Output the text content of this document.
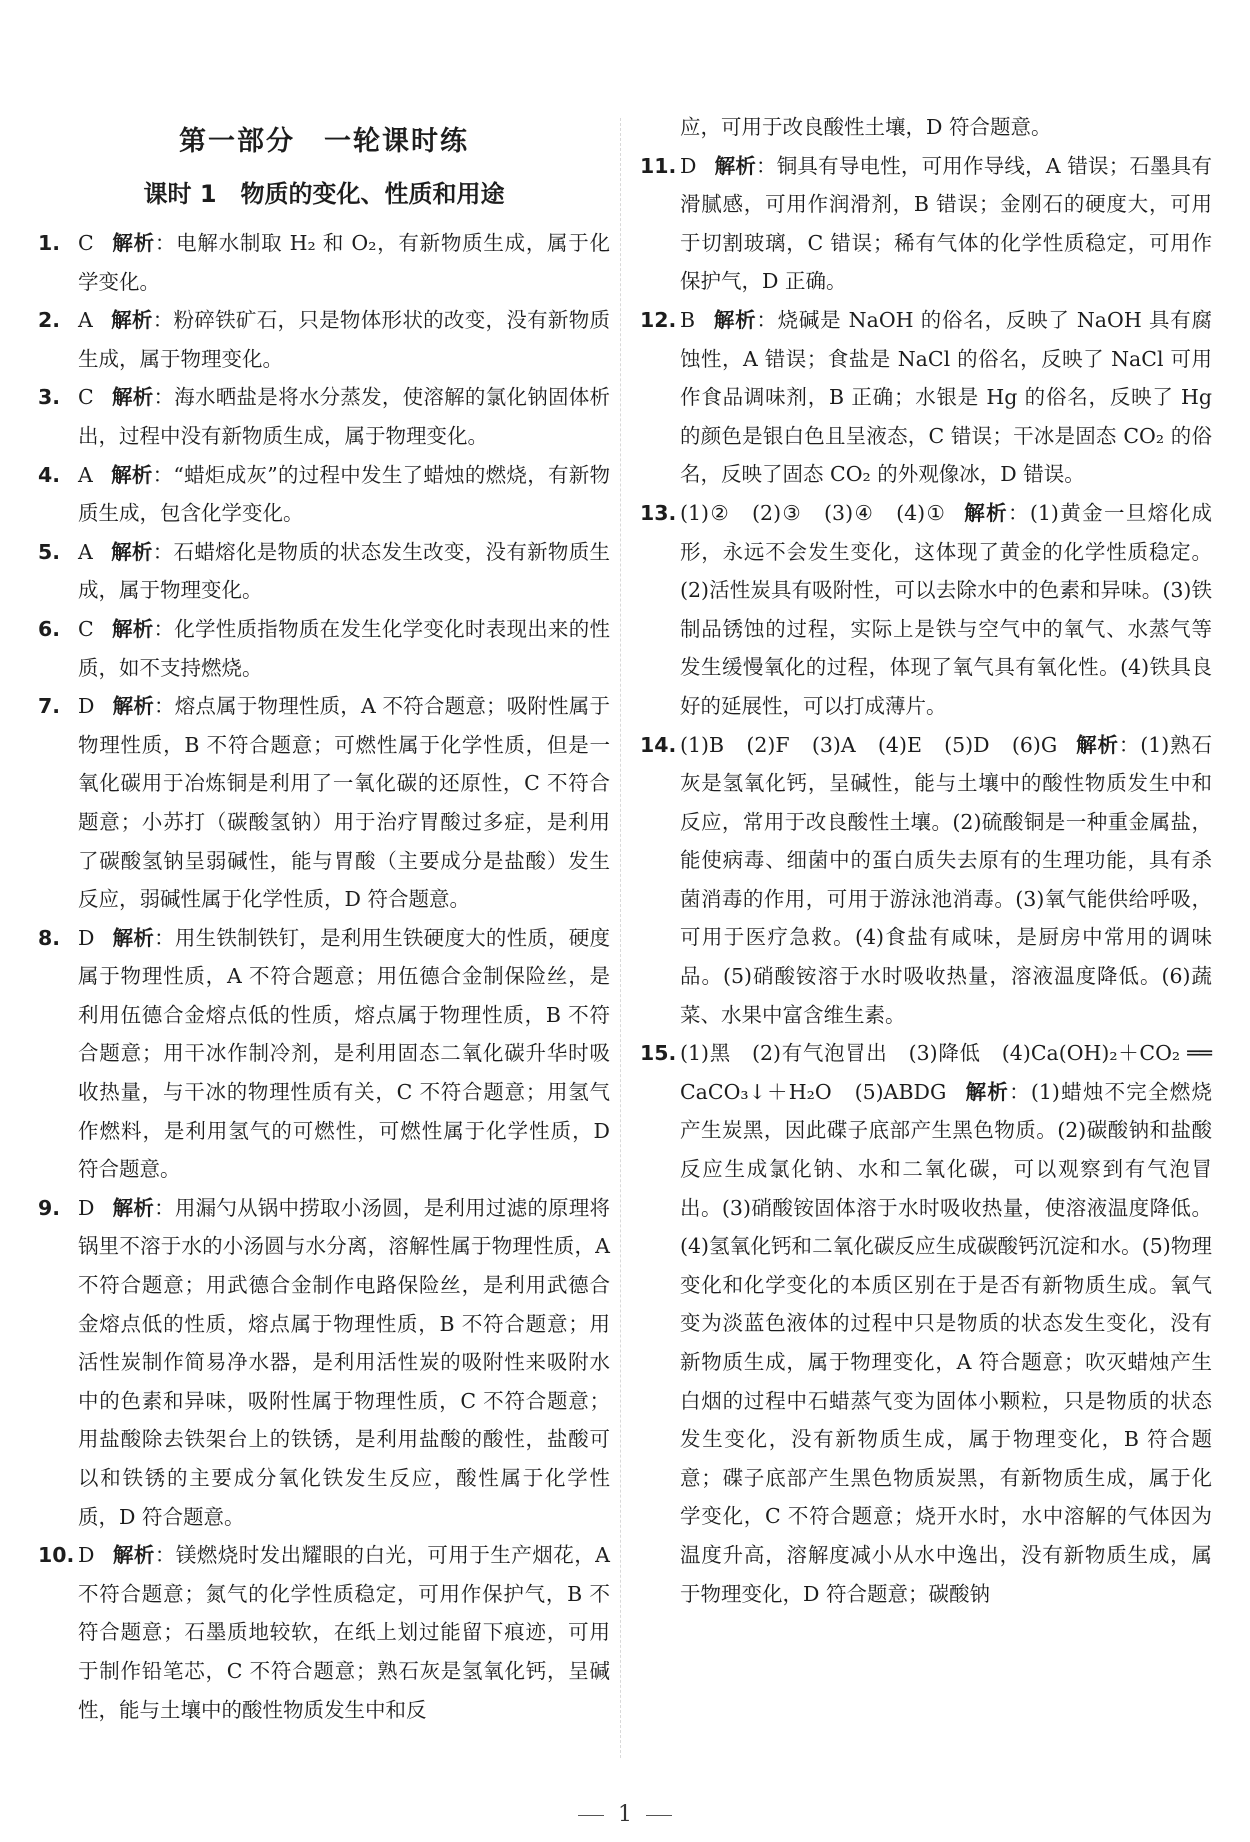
第一部分　一轮课时练
课时 1　物质的变化、性质和用途
1. C 解析：电解水制取 H₂ 和 O₂，有新物质生成，属于化学变化。
2. A 解析：粉碎铁矿石，只是物体形状的改变，没有新物质生成，属于物理变化。
3. C 解析：海水晒盐是将水分蒸发，使溶解的氯化钠固体析出，过程中没有新物质生成，属于物理变化。
4. A 解析：“蜡炬成灰”的过程中发生了蜡烛的燃烧，有新物质生成，包含化学变化。
5. A 解析：石蜡熔化是物质的状态发生改变，没有新物质生成，属于物理变化。
6. C 解析：化学性质指物质在发生化学变化时表现出来的性质，如不支持燃烧。
7. D 解析：熔点属于物理性质，A 不符合题意；吸附性属于物理性质，B 不符合题意；可燃性属于化学性质，但是一氧化碳用于冶炼铜是利用了一氧化碳的还原性，C 不符合题意；小苏打（碳酸氢钠）用于治疗胃酸过多症，是利用了碳酸氢钠呈弱碱性，能与胃酸（主要成分是盐酸）发生反应，弱碱性属于化学性质，D 符合题意。
8. D 解析：用生铁制铁钉，是利用生铁硬度大的性质，硬度属于物理性质，A 不符合题意；用伍德合金制保险丝，是利用伍德合金熔点低的性质，熔点属于物理性质，B 不符合题意；用干冰作制冷剂，是利用固态二氧化碳升华时吸收热量，与干冰的物理性质有关，C 不符合题意；用氢气作燃料，是利用氢气的可燃性，可燃性属于化学性质，D 符合题意。
9. D 解析：用漏勺从锅中捞取小汤圆，是利用过滤的原理将锅里不溶于水的小汤圆与水分离，溶解性属于物理性质，A 不符合题意；用武德合金制作电路保险丝，是利用武德合金熔点低的性质，熔点属于物理性质，B 不符合题意；用活性炭制作简易净水器，是利用活性炭的吸附性来吸附水中的色素和异味，吸附性属于物理性质，C 不符合题意；用盐酸除去铁架台上的铁锈，是利用盐酸的酸性，盐酸可以和铁锈的主要成分氧化铁发生反应，酸性属于化学性质，D 符合题意。
10. D 解析：镁燃烧时发出耀眼的白光，可用于生产烟花，A 不符合题意；氮气的化学性质稳定，可用作保护气，B 不符合题意；石墨质地较软，在纸上划过能留下痕迹，可用于制作铅笔芯，C 不符合题意；熟石灰是氢氧化钙，呈碱性，能与土壤中的酸性物质发生中和反
应，可用于改良酸性土壤，D 符合题意。
11. D 解析：铜具有导电性，可用作导线，A 错误；石墨具有滑腻感，可用作润滑剂，B 错误；金刚石的硬度大，可用于切割玻璃，C 错误；稀有气体的化学性质稳定，可用作保护气，D 正确。
12. B 解析：烧碱是 NaOH 的俗名，反映了 NaOH 具有腐蚀性，A 错误；食盐是 NaCl 的俗名，反映了 NaCl 可用作食品调味剂，B 正确；水银是 Hg 的俗名，反映了 Hg 的颜色是银白色且呈液态，C 错误；干冰是固态 CO₂ 的俗名，反映了固态 CO₂ 的外观像冰，D 错误。
13. (1)②　(2)③　(3)④　(4)① 解析：(1)黄金一旦熔化成形，永远不会发生变化，这体现了黄金的化学性质稳定。(2)活性炭具有吸附性，可以去除水中的色素和异味。(3)铁制品锈蚀的过程，实际上是铁与空气中的氧气、水蒸气等发生缓慢氧化的过程，体现了氧气具有氧化性。(4)铁具良好的延展性，可以打成薄片。
14. (1)B　(2)F　(3)A　(4)E　(5)D　(6)G 解析：(1)熟石灰是氢氧化钙，呈碱性，能与土壤中的酸性物质发生中和反应，常用于改良酸性土壤。(2)硫酸铜是一种重金属盐，能使病毒、细菌中的蛋白质失去原有的生理功能，具有杀菌消毒的作用，可用于游泳池消毒。(3)氧气能供给呼吸，可用于医疗急救。(4)食盐有咸味，是厨房中常用的调味品。(5)硝酸铵溶于水时吸收热量，溶液温度降低。(6)蔬菜、水果中富含维生素。
15. (1)黑　(2)有气泡冒出　(3)降低　(4)Ca(OH)₂＋CO₂ ══ CaCO₃↓＋H₂O　(5)ABDG 解析：(1)蜡烛不完全燃烧产生炭黑，因此碟子底部产生黑色物质。(2)碳酸钠和盐酸反应生成氯化钠、水和二氧化碳，可以观察到有气泡冒出。(3)硝酸铵固体溶于水时吸收热量，使溶液温度降低。(4)氢氧化钙和二氧化碳反应生成碳酸钙沉淀和水。(5)物理变化和化学变化的本质区别在于是否有新物质生成。氧气变为淡蓝色液体的过程中只是物质的状态发生变化，没有新物质生成，属于物理变化，A 符合题意；吹灭蜡烛产生白烟的过程中石蜡蒸气变为固体小颗粒，只是物质的状态发生变化，没有新物质生成，属于物理变化，B 符合题意；碟子底部产生黑色物质炭黑，有新物质生成，属于化学变化，C 不符合题意；烧开水时，水中溶解的气体因为温度升高，溶解度减小从水中逸出，没有新物质生成，属于物理变化，D 符合题意；碳酸钠
1
